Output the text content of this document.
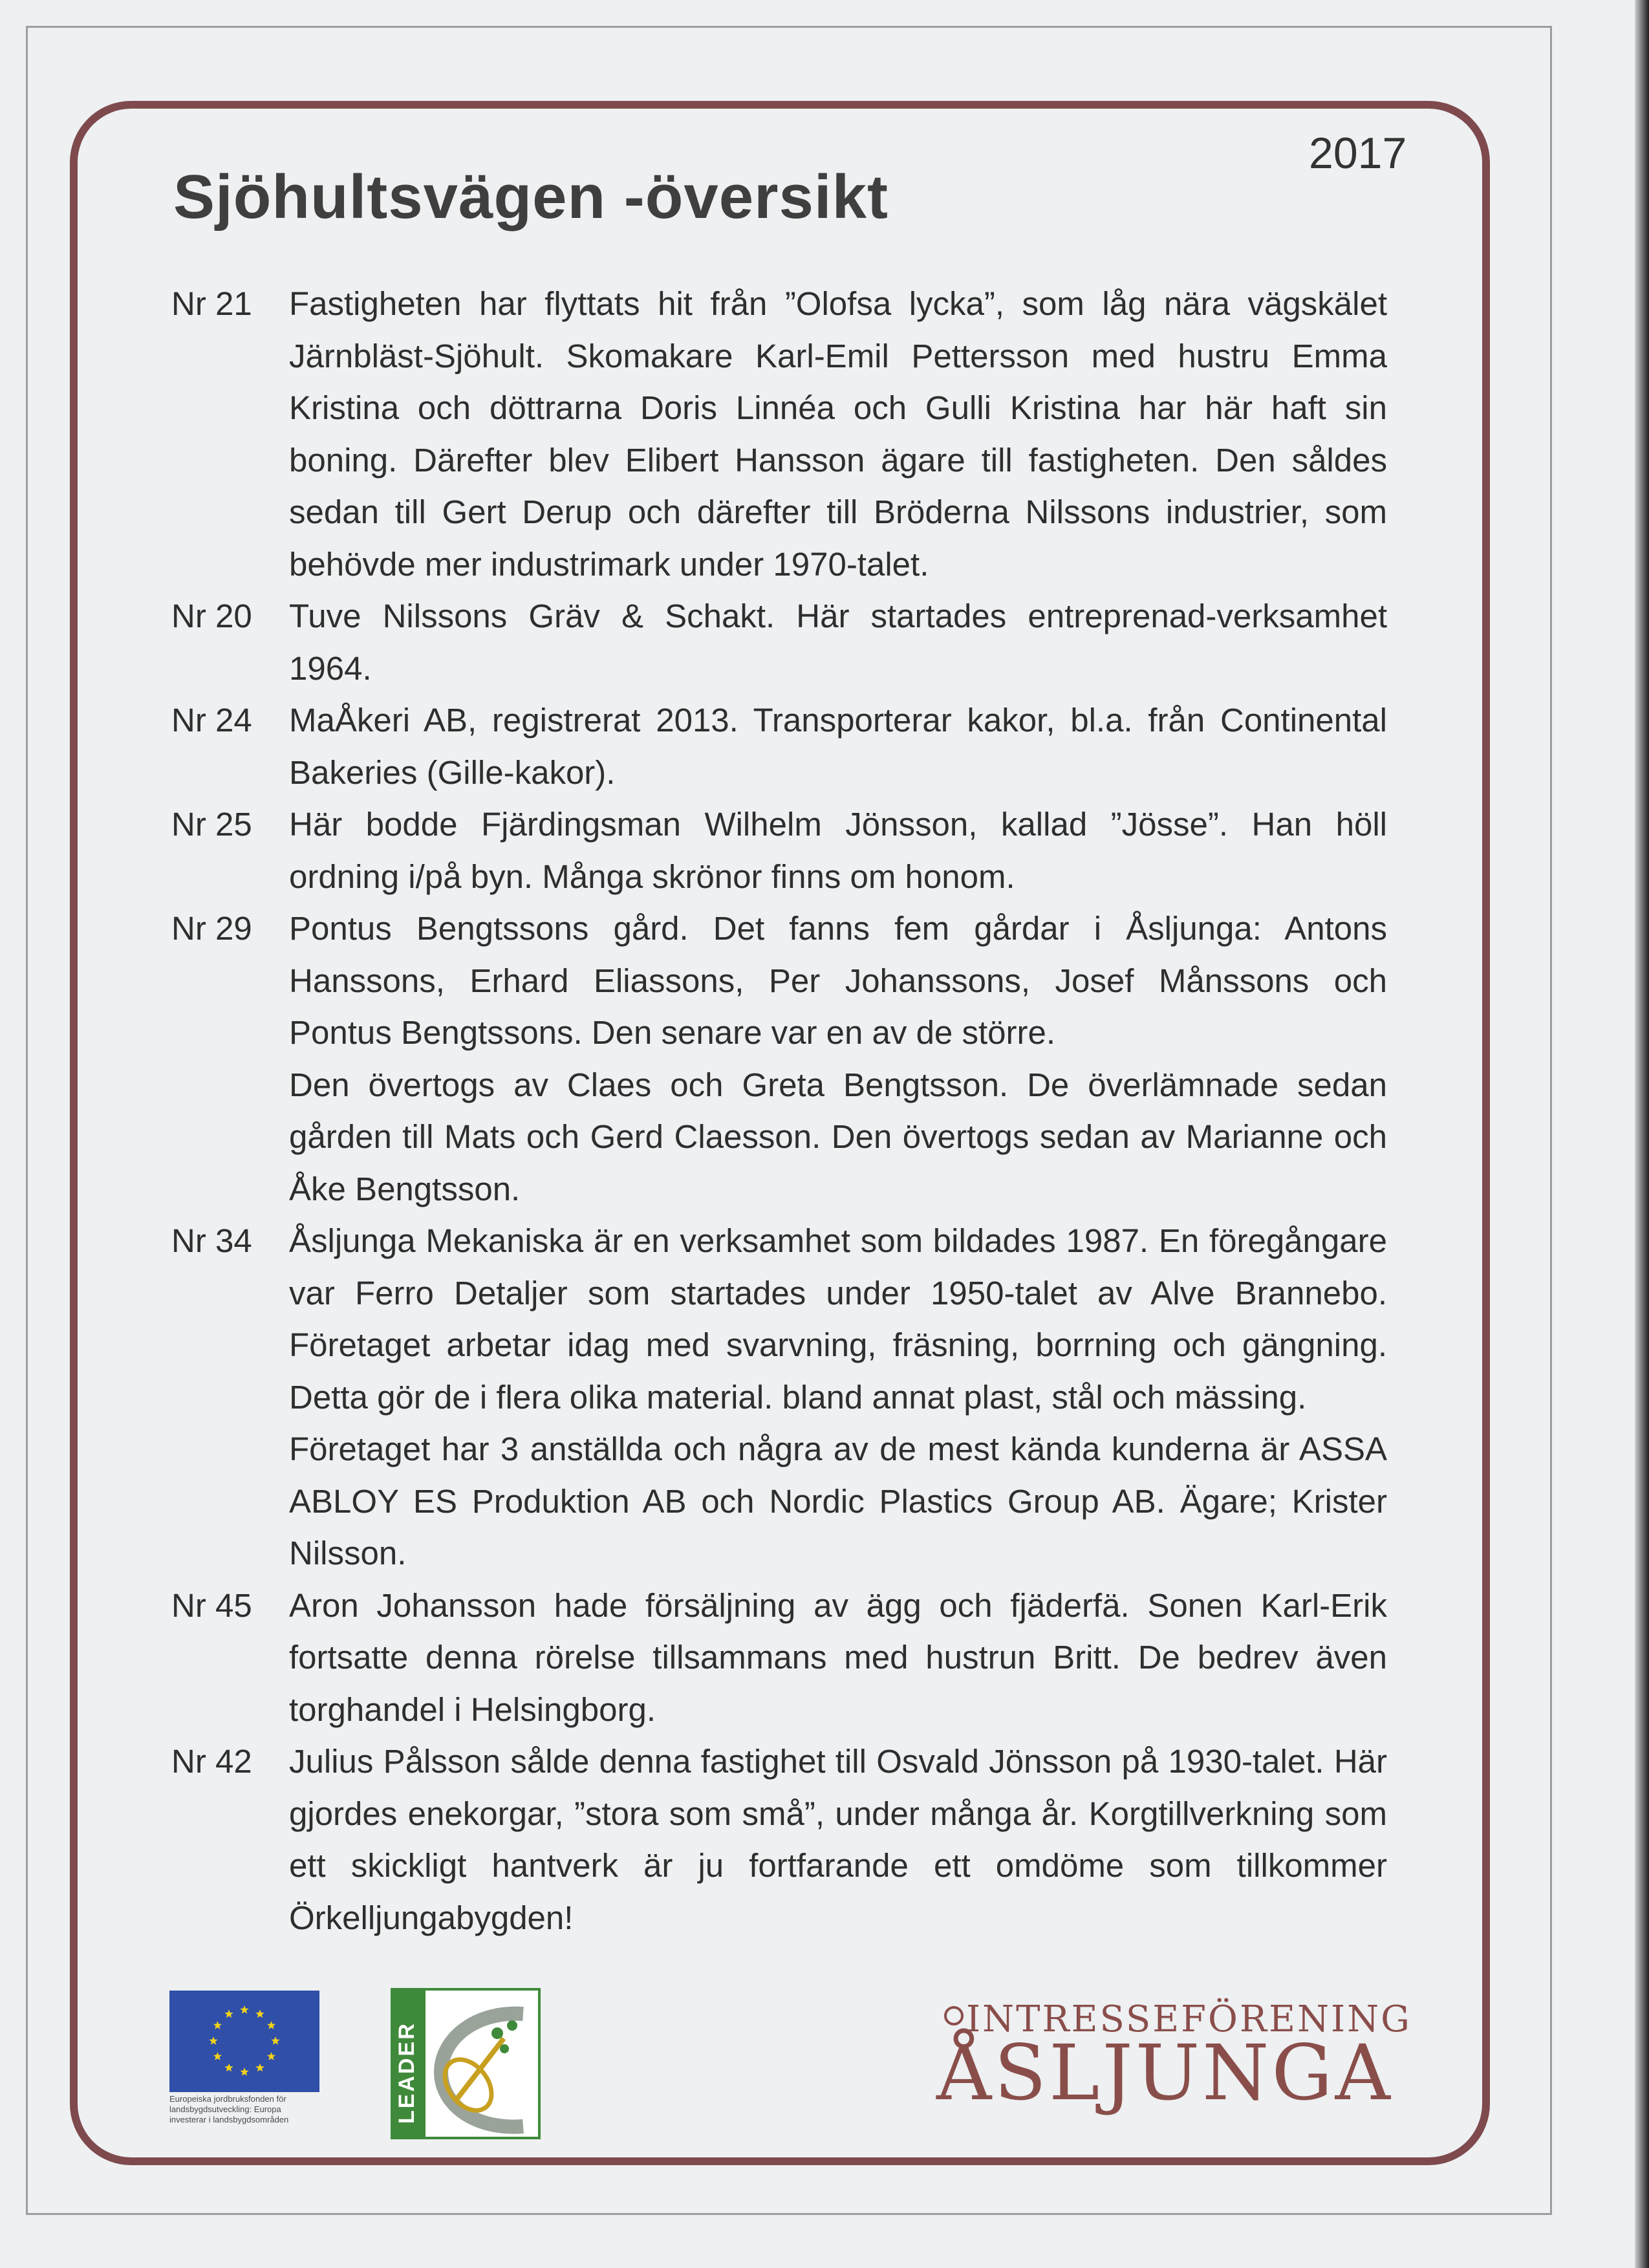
2017
Sjöhultsvägen -översikt
Nr 21	Fastigheten har flyttats hit från ”Olofsa lycka”, som låg nära vägskälet Järnbläst-Sjöhult. Skomakare Karl-Emil Pettersson med hustru Emma Kristina och döttrarna Doris Linnéa och Gulli Kristina har här haft sin boning. Därefter blev Elibert Hansson ägare till fastigheten. Den såldes sedan till Gert Derup och därefter till Bröderna Nilssons industrier, som behövde mer industrimark under 1970-talet.

Nr 20	Tuve Nilssons Gräv & Schakt. Här startades entreprenad-verksamhet 1964.

Nr 24	MaÅkeri AB, registrerat 2013. Transporterar kakor, bl.a. från Continental Bakeries (Gille-kakor).

Nr 25	Här bodde Fjärdingsman Wilhelm Jönsson, kallad ”Jösse”. Han höll ordning i/på byn. Många skrönor finns om honom.

Nr 29	Pontus Bengtssons gård. Det fanns fem gårdar i Åsljunga: Antons Hanssons, Erhard Eliassons, Per Johanssons, Josef Månssons och Pontus Bengtssons. Den senare var en av de större.

Den övertogs av Claes och Greta Bengtsson. De överlämnade sedan gården till Mats och Gerd Claesson. Den övertogs sedan av Marianne och Åke Bengtsson.

Nr 34	Åsljunga Mekaniska är en verksamhet som bildades 1987. En föregångare var Ferro Detaljer som startades under 1950-talet av Alve Brannebo. Företaget arbetar idag med svarvning, fräsning, borrning och gängning. Detta gör de i flera olika material. bland annat plast, stål och mässing.

Företaget har 3 anställda och några av de mest kända kunderna är ASSA ABLOY ES Produktion AB och Nordic Plastics Group AB. Ägare; Krister Nilsson.

Nr 45	Aron Johansson hade försäljning av ägg och fjäderfä. Sonen Karl-Erik fortsatte denna rörelse tillsammans med hustrun Britt. De bedrev även torghandel i Helsingborg.

Nr 42	Julius Pålsson sålde denna fastighet till Osvald Jönsson på 1930-talet. Här gjordes enekorgar, ”stora som små”, under många år. Korgtillverkning som ett skickligt hantverk är ju fortfarande ett omdöme som tillkommer Örkelljungabygden!

Europeiska jordbruksfonden för
landsbygdsutveckling: Europa
investerar i landsbygdsområden	LEADER
INTRESSEFÖRENING
ÅSLJUNGA
